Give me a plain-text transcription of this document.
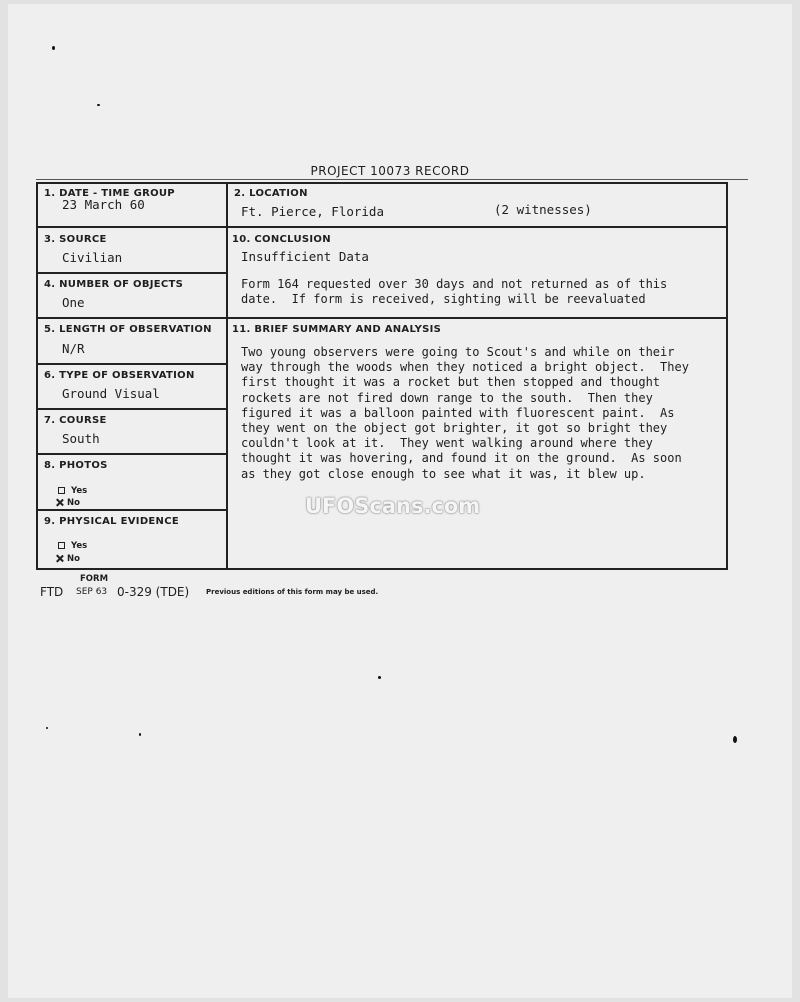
PROJECT 10073 RECORD
1. DATE - TIME GROUP
23 March 60
2. LOCATION
Ft. Pierce, Florida	(2 witnesses)
3. SOURCE
Civilian
10. CONCLUSION
Insufficient Data
Form 164 requested over 30 days and not returned as of this
date.  If form is received, sighting will be reevaluated
4. NUMBER OF OBJECTS
One
5. LENGTH OF OBSERVATION
N/R
11. BRIEF SUMMARY AND ANALYSIS
Two young observers were going to Scout's and while on their
way through the woods when they noticed a bright object.  They
first thought it was a rocket but then stopped and thought
rockets are not fired down range to the south.  Then they
figured it was a balloon painted with fluorescent paint.  As
they went on the object got brighter, it got so bright they
couldn't look at it.  They went walking around where they
thought it was hovering, and found it on the ground.  As soon
as they got close enough to see what it was, it blew up.
6. TYPE OF OBSERVATION
Ground Visual
7. COURSE
South
8. PHOTOS
Yes
No
9. PHYSICAL EVIDENCE
Yes
No
FORM
FTD SEP 63 0-329 (TDE) Previous editions of this form may be used.
UFOScans.com
